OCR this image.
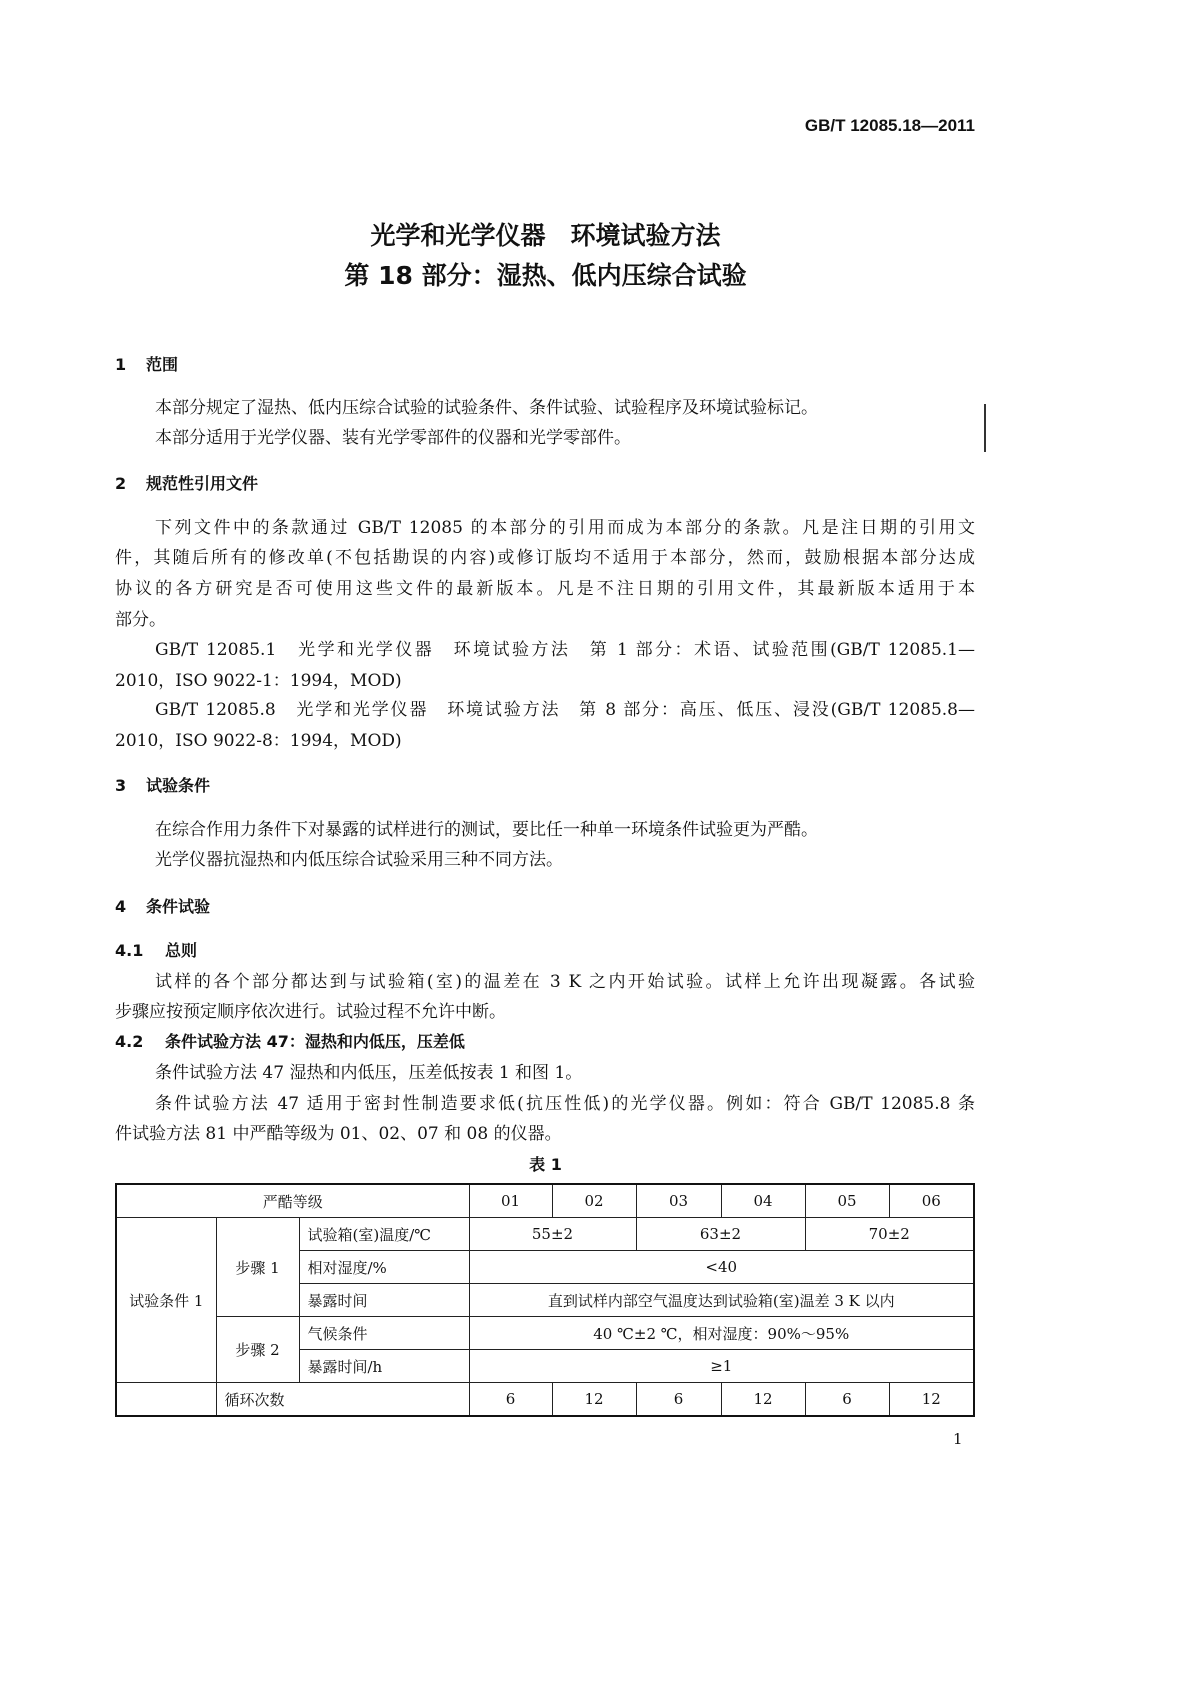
GB/T 12085.18—2011
光学和光学仪器　环境试验方法
第 18 部分：湿热、低内压综合试验
1 范围
本部分规定了湿热、低内压综合试验的试验条件、条件试验、试验程序及环境试验标记。
本部分适用于光学仪器、装有光学零部件的仪器和光学零部件。
2 规范性引用文件
下列文件中的条款通过 GB/T 12085 的本部分的引用而成为本部分的条款。凡是注日期的引用文
件，其随后所有的修改单(不包括勘误的内容)或修订版均不适用于本部分，然而，鼓励根据本部分达成
协议的各方研究是否可使用这些文件的最新版本。凡是不注日期的引用文件，其最新版本适用于本
部分。
GB/T 12085.1　光学和光学仪器　环境试验方法　第 1 部分：术语、试验范围(GB/T 12085.1—
2010，ISO 9022-1：1994，MOD)
GB/T 12085.8　光学和光学仪器　环境试验方法　第 8 部分：高压、低压、浸没(GB/T 12085.8—
2010，ISO 9022-8：1994，MOD)
3 试验条件
在综合作用力条件下对暴露的试样进行的测试，要比任一种单一环境条件试验更为严酷。
光学仪器抗湿热和内低压综合试验采用三种不同方法。
4 条件试验
4.1 总则
试样的各个部分都达到与试验箱(室)的温差在 3 K 之内开始试验。试样上允许出现凝露。各试验
步骤应按预定顺序依次进行。试验过程不允许中断。
4.2 条件试验方法 47：湿热和内低压，压差低
条件试验方法 47 湿热和内低压，压差低按表 1 和图 1。
条件试验方法 47 适用于密封性制造要求低(抗压性低)的光学仪器。例如：符合 GB/T 12085.8 条
件试验方法 81 中严酷等级为 01、02、07 和 08 的仪器。
表 1
严酷等级			01	02	03	04	05	06
试验条件 1	步骤 1	试验箱(室)温度/℃	55±2		63±2		70±2	
		相对湿度/%	<40					
		暴露时间	直到试样内部空气温度达到试验箱(室)温差 3 K 以内					
	步骤 2	气候条件	40 ℃±2 ℃，相对湿度：90%～95%					
		暴露时间/h	≥1					
	循环次数		6	12	6	12	6	12
1
